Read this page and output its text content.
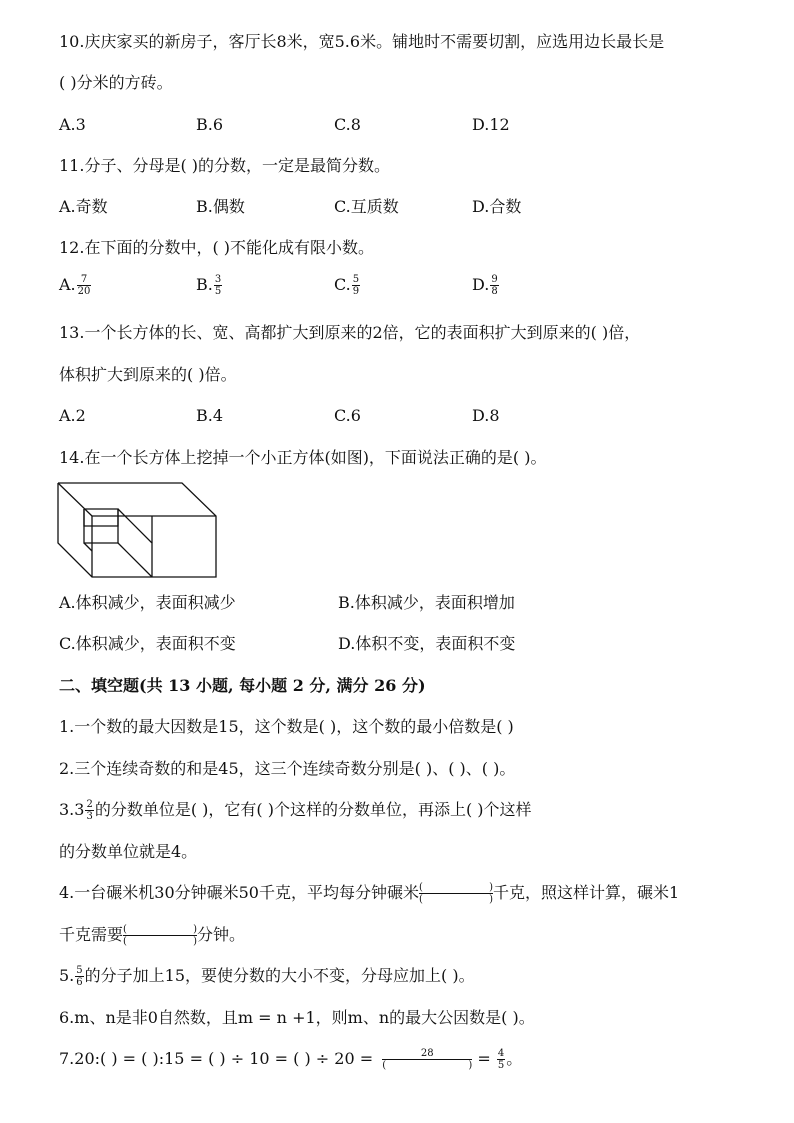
10.庆庆家买的新房子，客厅长8米，宽5.6米。铺地时不需要切割，应选用边长最长是
( )分米的方砖。
A.3	B.6	C.8	D.12
11.分子、分母是( )的分数，一定是最简分数。
A.奇数	B.偶数	C.互质数	D.合数
12.在下面的分数中，( )不能化成有限小数。
A. $\frac{7}{20}$	B. $\frac{3}{5}$	C. $\frac{5}{9}$	D. $\frac{9}{8}$
13.一个长方体的长、宽、高都扩大到原来的2倍，它的表面积扩大到原来的( )倍，
体积扩大到原来的( )倍。
A.2	B.4	C.6	D.8
14.在一个长方体上挖掉一个小正方体(如图)，下面说法正确的是( )。
A.体积减少，表面积减少	B.体积减少，表面积增加
C.体积减少，表面积不变	D.体积不变，表面积不变
二、填空题(共 13 小题, 每小题 2 分, 满分 26 分)
1.一个数的最大因数是15，这个数是( )，这个数的最小倍数是( )
2.三个连续奇数的和是45，这三个连续奇数分别是( )、( )、( )。
$3.3 \frac{2}{3}$ 的分数单位是( )，它有( )个这样的分数单位，再添上( )个这样
的分数单位就是4。
4.一台碾米机30分钟碾米50千克，平均每分钟碾米 (	)
(	) 千克，照这样计算，碾米1
千克需要 (	)
(	) 分钟。
5. $\frac{5}{6}$ 的分子加上15，要使分数的大小不变，分母应加上( )。
6.m、n是非0自然数，且m = n +1，则m、n的最大公因数是( )。
7.20:( ) = ( ):15 = ( ) ÷ 10 = ( ) ÷ 20 =	28
(	) = $\frac{4}{5}$ 。
